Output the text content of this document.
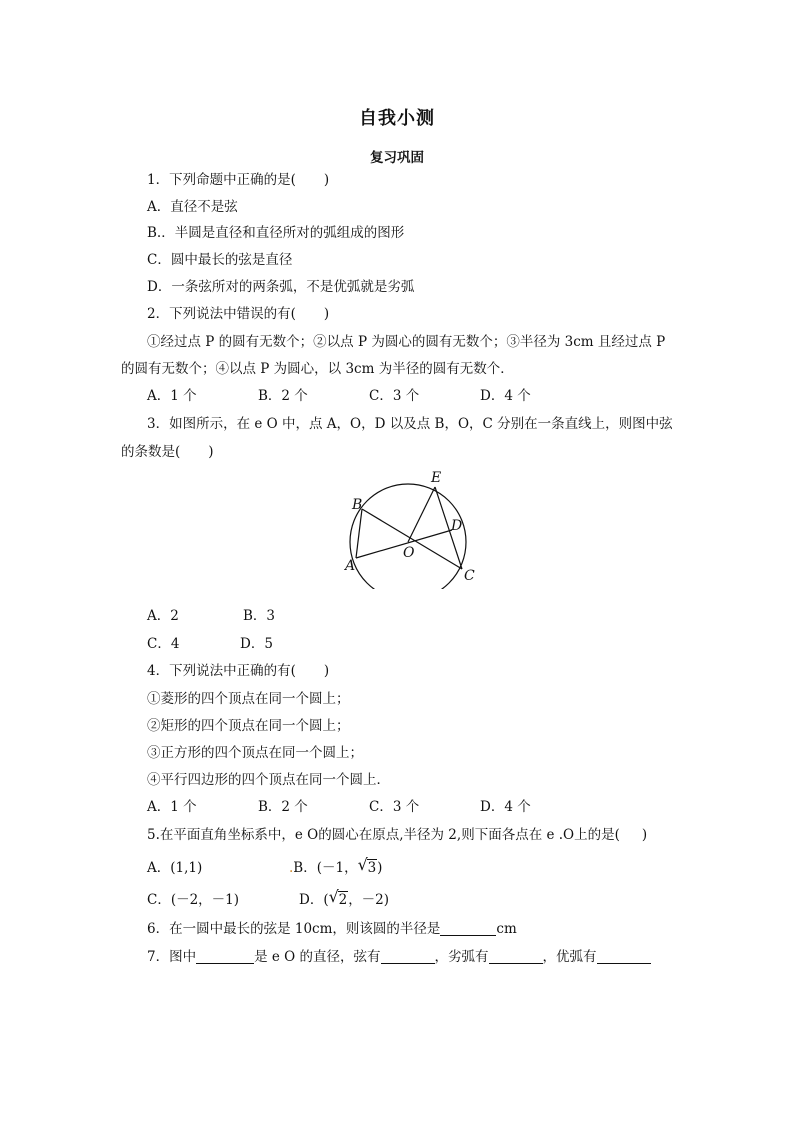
自我小测
复习巩固
1．下列命题中正确的是( )
A．直径不是弦
B.．半圆是直径和直径所对的弧组成的图形
C．圆中最长的弦是直径
D．一条弦所对的两条弧，不是优弧就是劣弧
2．下列说法中错误的有( )
①经过点 P 的圆有无数个；②以点 P 为圆心的圆有无数个；③半径为 3cm 且经过点 P
的圆有无数个；④以点 P 为圆心，以 3cm 为半径的圆有无数个．
A．1 个	B．2 个	C．3 个	D．4 个
3．如图所示，在 e O 中，点 A，O，D 以及点 B，O，C 分别在一条直线上，则图中弦
的条数是( )
E
B
D
O
A
C
A．2	B．3
C．4	D．5
4．下列说法中正确的有( )
①菱形的四个顶点在同一个圆上；
②矩形的四个顶点在同一个圆上；
③正方形的四个顶点在同一个圆上；
④平行四边形的四个顶点在同一个圆上．
A．1 个	B．2 个	C．3 个	D．4 个
5.在平面直角坐标系中，e O的圆心在原点,半径为 2,则下面各点在 e .O上的是( )
A．(1,1)	.B．(－1， √ 3)
C．(－2，－1)	D．( √ 2，－2)
6．在一圆中最长的弦是 10cm，则该圆的半径是	cm
7．图中	是 e O 的直径，弦有	，劣弧有	，优弧有
